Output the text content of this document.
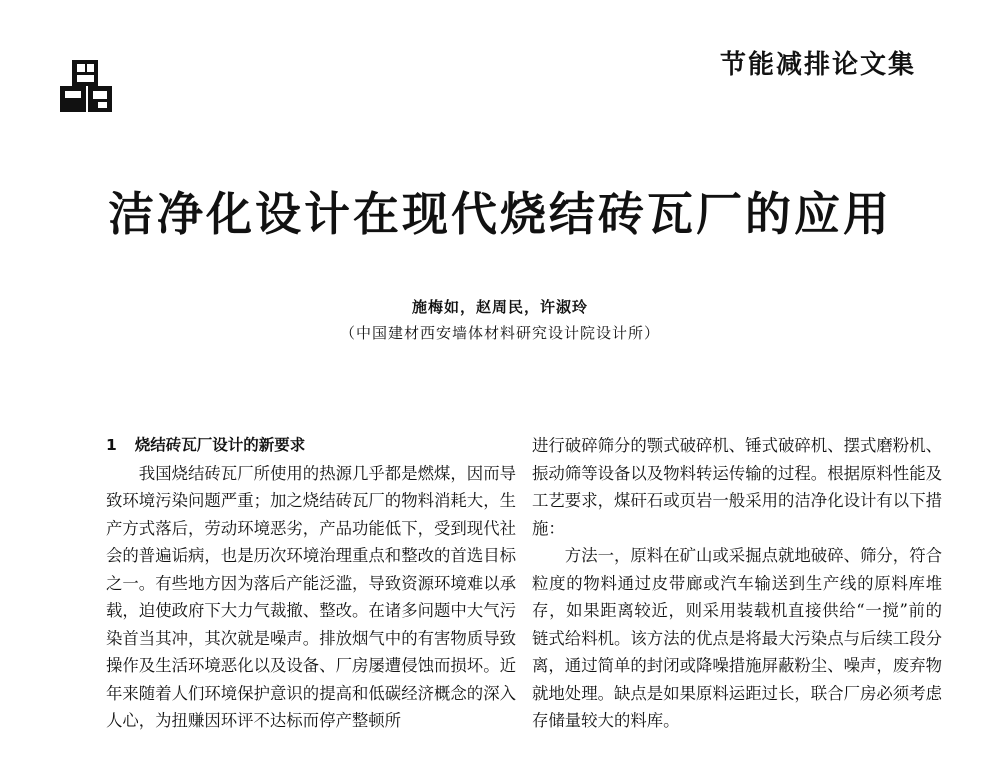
节能减排论文集
洁净化设计在现代烧结砖瓦厂的应用
施梅如，赵周民，许淑玲
（中国建材西安墙体材料研究设计院设计所）
1 烧结砖瓦厂设计的新要求

我国烧结砖瓦厂所使用的热源几乎都是燃煤，因而导致环境污染问题严重；加之烧结砖瓦厂的物料消耗大，生产方式落后，劳动环境恶劣，产品功能低下，受到现代社会的普遍诟病，也是历次环境治理重点和整改的首选目标之一。有些地方因为落后产能泛滥，导致资源环境难以承载，迫使政府下大力气裁撤、整改。在诸多问题中大气污染首当其冲，其次就是噪声。排放烟气中的有害物质导致操作及生活环境恶化以及设备、厂房屡遭侵蚀而损坏。近年来随着人们环境保护意识的提高和低碳经济概念的深入人心，为扭赚因环评不达标而停产整顿所

进行破碎筛分的颚式破碎机、锤式破碎机、摆式磨粉机、振动筛等设备以及物料转运传输的过程。根据原料性能及工艺要求，煤矸石或页岩一般采用的洁净化设计有以下措施：

方法一，原料在矿山或采掘点就地破碎、筛分，符合粒度的物料通过皮带廊或汽车输送到生产线的原料库堆存，如果距离较近，则采用装载机直接供给“一搅”前的链式给料机。该方法的优点是将最大污染点与后续工段分离，通过简单的封闭或降噪措施屏蔽粉尘、噪声，废弃物就地处理。缺点是如果原料运距过长，联合厂房必须考虑存储量较大的料库。
